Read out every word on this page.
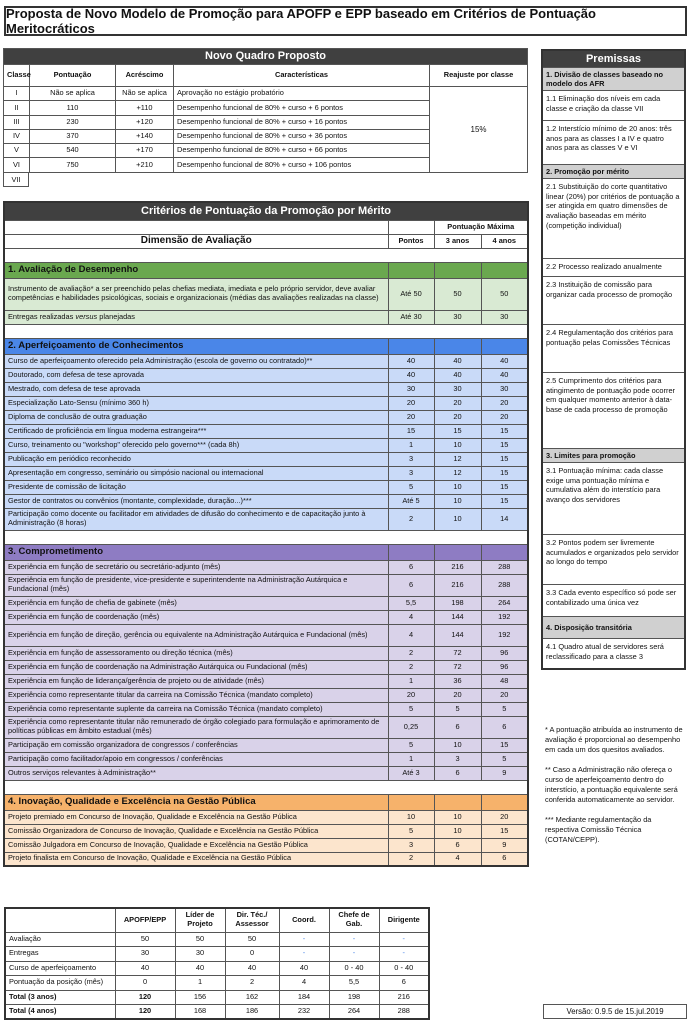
Proposta de Novo Modelo de Promoção para APOFP e EPP baseado em Critérios de Pontuação Meritocráticos
Novo Quadro Proposto				
Classe	Pontuação	Acréscimo	Características	Reajuste por classe
I	Não se aplica	Não se aplica	Aprovação no estágio probatório	15%
II	110	+110	Desempenho funcional de 80% + curso + 6 pontos	
III	230	+120	Desempenho funcional de 80% + curso + 16 pontos	
IV	370	+140	Desempenho funcional de 80% + curso + 36 pontos	
V	540	+170	Desempenho funcional de 80% + curso + 66 pontos	
VI	750	+210	Desempenho funcional de 80% + curso + 106 pontos	
VII
Critérios de Pontuação da Promoção por Mérito			
		Pontuação Máxima	
Dimensão de Avaliação	Pontos	3 anos	4 anos

1. Avaliação de Desempenho			
Instrumento de avaliação* a ser preenchido pelas chefias mediata, imediata e pelo próprio servidor, deve avaliar competências e habilidades psicológicas, sociais e organizacionais (médias das avaliações realizadas na classe)	Até 50	50	50
Entregas realizadas versus planejadas	Até 30	30	30

2. Aperfeiçoamento de Conhecimentos			
Curso de aperfeiçoamento oferecido pela Administração (escola de governo ou contratado)**	40	40	40
Doutorado, com defesa de tese aprovada	40	40	40
Mestrado, com defesa de tese aprovada	30	30	30
Especialização Lato-Sensu (mínimo 360 h)	20	20	20
Diploma de conclusão de outra graduação	20	20	20
Certificado de proficiência em língua moderna estrangeira***	15	15	15
Curso, treinamento ou "workshop" oferecido pelo governo*** (cada 8h)	1	10	15
Publicação em periódico reconhecido	3	12	15
Apresentação em congresso, seminário ou simpósio nacional ou internacional	3	12	15
Presidente de comissão de licitação	5	10	15
Gestor de contratos ou convênios (montante, complexidade, duração...)***	Até 5	10	15
Participação como docente ou facilitador em atividades de difusão do conhecimento e de capacitação junto à Administração (8 horas)	2	10	14

3. Comprometimento			
Experiência em função de secretário ou secretário-adjunto (mês)	6	216	288
Experiência em função de presidente, vice-presidente e superintendente na Administração Autárquica e Fundacional (mês)	6	216	288
Experiência em função de chefia de gabinete (mês)	5,5	198	264
Experiência em função de coordenação (mês)	4	144	192
Experiência em função de direção, gerência ou equivalente na Administração Autárquica e Fundacional (mês)	4	144	192
Experiência em função de assessoramento ou direção técnica (mês)	2	72	96
Experiência em função de coordenação na Administração Autárquica ou Fundacional (mês)	2	72	96
Experiência em função de liderança/gerência de projeto ou de atividade (mês)	1	36	48
Experiência como representante titular da carreira na Comissão Técnica (mandato completo)	20	20	20
Experiência como representante suplente da carreira na Comissão Técnica (mandato completo)	5	5	5
Experiência como representante titular não remunerado de órgão colegiado para formulação e aprimoramento de políticas públicas em âmbito estadual (mês)	0,25	6	6
Participação em comissão organizadora de congressos / conferências	5	10	15
Participação como facilitador/apoio em congressos / conferências	1	3	5
Outros serviços relevantes à Administração**	Até 3	6	9

4. Inovação, Qualidade e Excelência na Gestão Pública			
Projeto premiado em Concurso de Inovação, Qualidade e Excelência na Gestão Pública	10	10	20
Comissão Organizadora de Concurso de Inovação, Qualidade e Excelência na Gestão Pública	5	10	15
Comissão Julgadora em Concurso de Inovação, Qualidade e Excelência na Gestão Pública	3	6	9
Projeto finalista em Concurso de Inovação, Qualidade e Excelência na Gestão Pública	2	4	6
Premissas
1. Divisão de classes baseado no modelo dos AFR
1.1 Eliminação dos níveis em cada classe e criação da classe VII
1.2 Interstício mínimo de 20 anos: três anos para as classes I a IV e quatro anos para as classes V e VI
2. Promoção por mérito
2.1 Substituição do corte quantitativo linear (20%) por critérios de pontuação a ser atingida em quatro dimensões de avaliação baseadas em mérito (competição individual)
2.2 Processo realizado anualmente
2.3 Instituição de comissão para organizar cada processo de promoção
2.4 Regulamentação dos critérios para pontuação pelas Comissões Técnicas
2.5 Cumprimento dos critérios para atingimento de pontuação pode ocorrer em qualquer momento anterior à data-base de cada processo de promoção
3. Limites para promoção
3.1 Pontuação mínima: cada classe exige uma pontuação mínima e cumulativa além do interstício para avanço dos servidores
3.2 Pontos podem ser livremente acumulados e organizados pelo servidor ao longo do tempo
3.3 Cada evento específico só pode ser contabilizado uma única vez
4. Disposição transitória
4.1 Quadro atual de servidores será reclassificado para a classe 3

* A pontuação atribuída ao instrumento de avaliação é proporcional ao desempenho em cada um dos quesitos avaliados.

** Caso a Administração não ofereça o curso de aperfeiçoamento dentro do interstício, a pontuação equivalente será conferida automaticamente ao servidor.

*** Mediante regulamentação da respectiva Comissão Técnica (COTAN/CEPP).

	APOFP/EPP	Líder de Projeto	Dir. Téc./ Assessor	Coord.	Chefe de Gab.	Dirigente
Avaliação	50	50	50	-	-	-
Entregas	30	30	0	-	-	-
Curso de aperfeiçoamento	40	40	40	40	0 - 40	0 - 40
Pontuação da posição (mês)	0	1	2	4	5,5	6
Total (3 anos)	120	156	162	184	198	216
Total (4 anos)	120	168	186	232	264	288	Versão: 0.9.5 de 15.jul.2019
